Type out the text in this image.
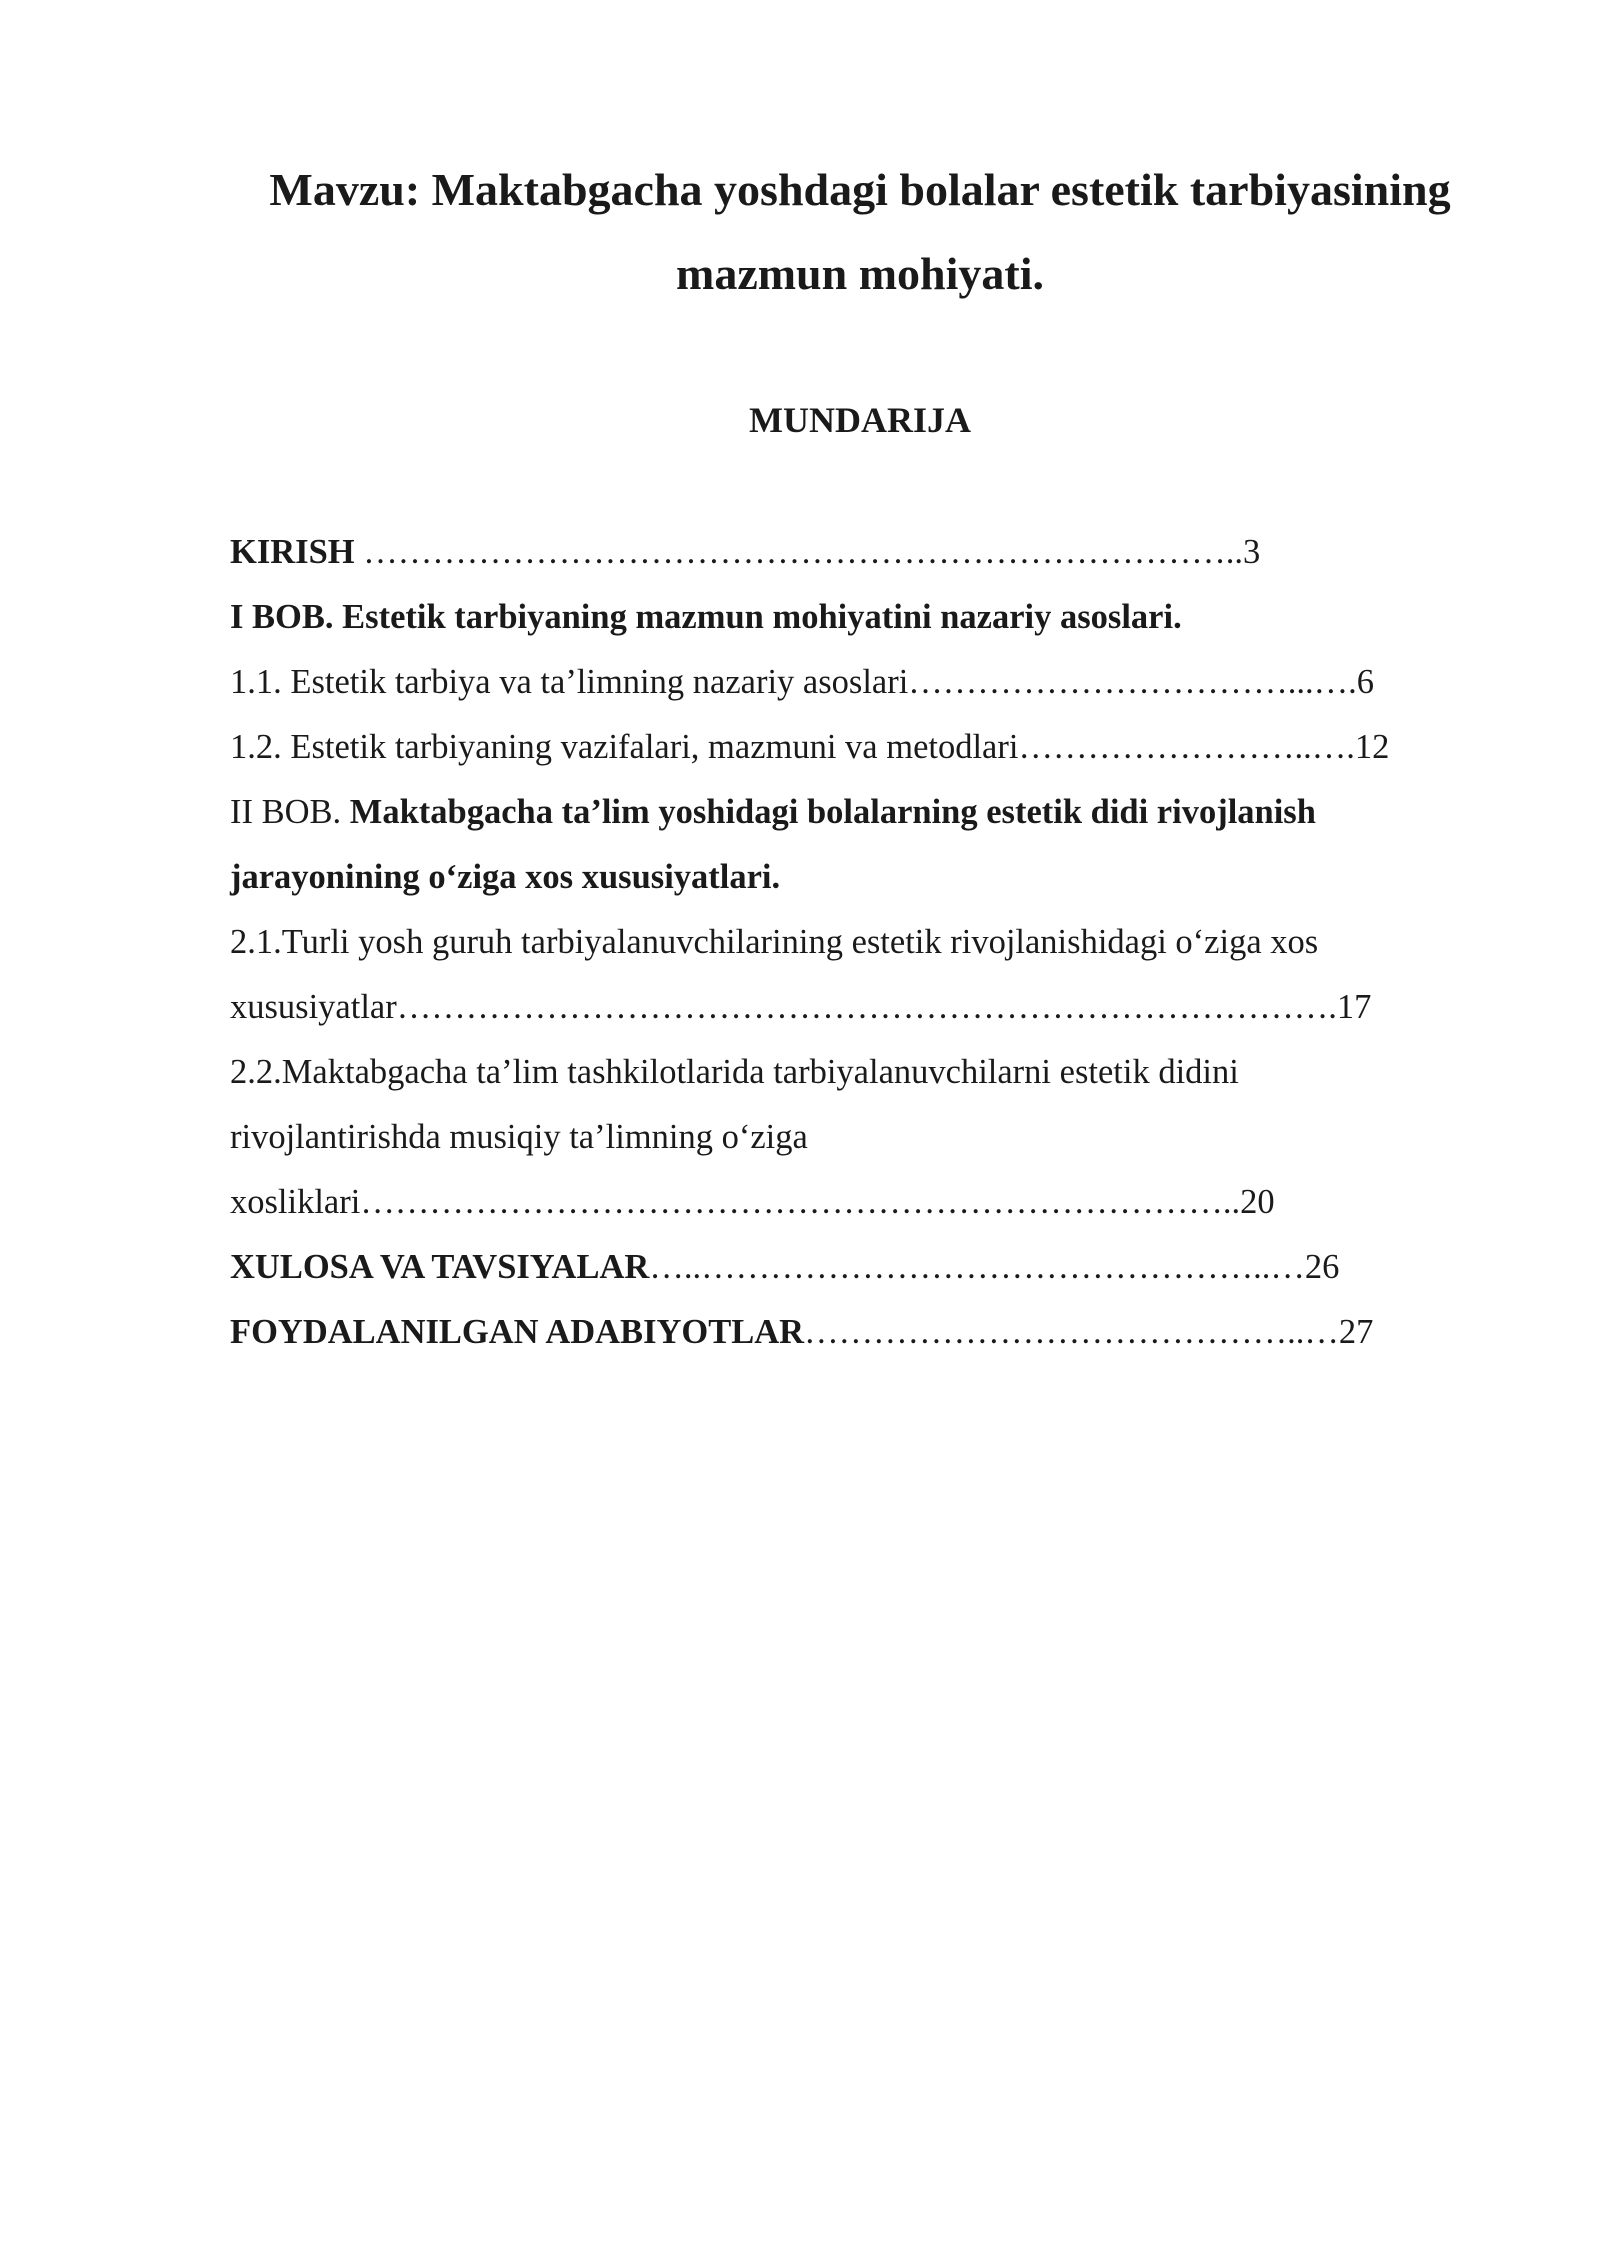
Mavzu: Maktabgacha yoshdagi bolalar estetik tarbiyasining
mazmun mohiyati.
MUNDARIJA
KIRISH …………………………………………………………………..3
I BOB. Estetik tarbiyaning mazmun mohiyatini nazariy asoslari.
1.1. Estetik tarbiya va ta’limning nazariy asoslari……………………………...….6
1.2. Estetik tarbiyaning vazifalari, mazmuni va metodlari……………………..….12
II BOB. Maktabgacha ta’lim yoshidagi bolalarning estetik didi rivojlanish
jarayonining o‘ziga xos xususiyatlari.
2.1.Turli yosh guruh tarbiyalanuvchilarining estetik rivojlanishidagi o‘ziga xos
xususiyatlar……………………………………………………………………….17
2.2.Maktabgacha ta’lim tashkilotlarida tarbiyalanuvchilarni estetik didini
rivojlantirishda musiqiy ta’limning o‘ziga
xosliklari…………………………………………………………………..20
XULOSA VA TAVSIYALAR…..…………………………………………..…26
FOYDALANILGAN ADABIYOTLAR……………………………………..…27
